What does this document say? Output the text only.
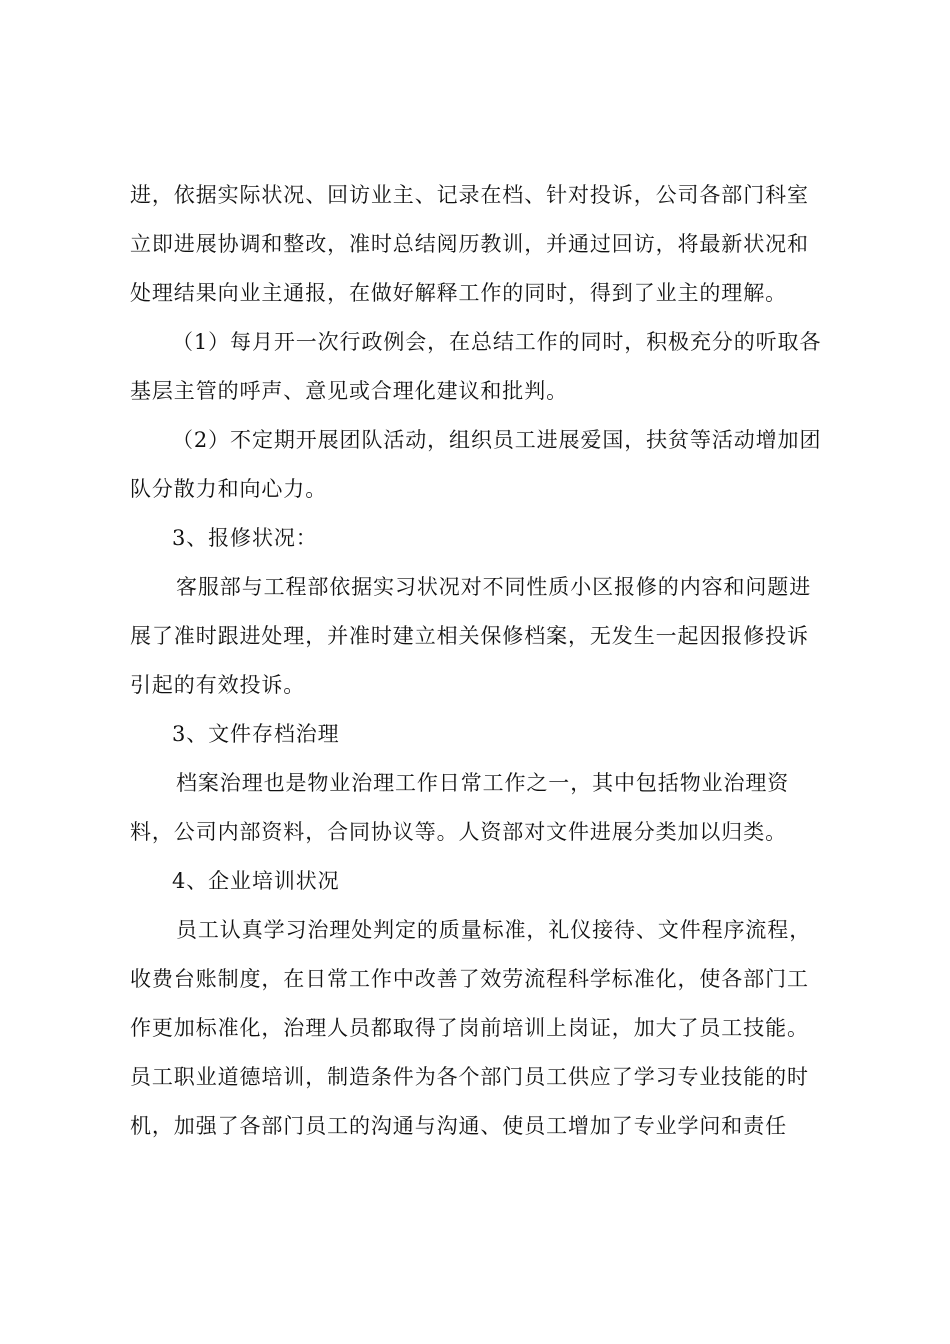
进，依据实际状况、回访业主、记录在档、针对投诉，公司各部门科室

立即进展协调和整改，准时总结阅历教训，并通过回访，将最新状况和

处理结果向业主通报，在做好解释工作的同时，得到了业主的理解。

（1）每月开一次行政例会，在总结工作的同时，积极充分的听取各

基层主管的呼声、意见或合理化建议和批判。

（2）不定期开展团队活动，组织员工进展爱国，扶贫等活动增加团

队分散力和向心力。

3、报修状况：

客服部与工程部依据实习状况对不同性质小区报修的内容和问题进

展了准时跟进处理，并准时建立相关保修档案，无发生一起因报修投诉

引起的有效投诉。

3、文件存档治理

档案治理也是物业治理工作日常工作之一，其中包括物业治理资

料，公司内部资料，合同协议等。人资部对文件进展分类加以归类。

4、企业培训状况

员工认真学习治理处判定的质量标准，礼仪接待、文件程序流程，

收费台账制度，在日常工作中改善了效劳流程科学标准化，使各部门工

作更加标准化，治理人员都取得了岗前培训上岗证，加大了员工技能。

员工职业道德培训，制造条件为各个部门员工供应了学习专业技能的时

机，加强了各部门员工的沟通与沟通、使员工增加了专业学问和责任
